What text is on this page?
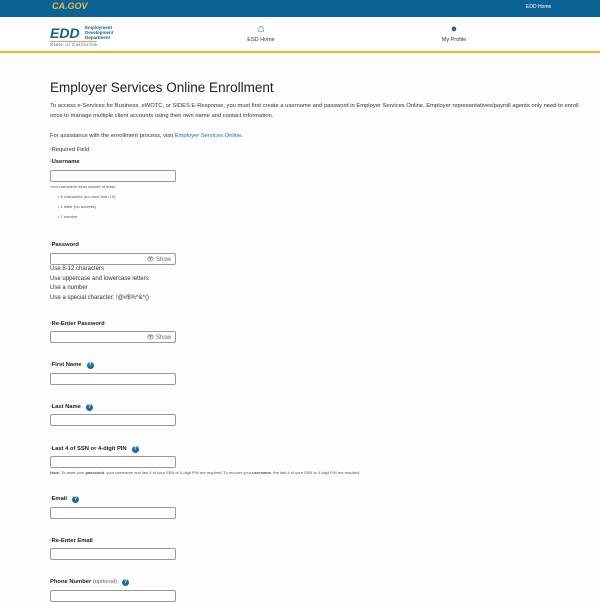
CA.GOV	EDD Home
EDD Employment
Development
Department
State of California
⌂
ESD Home
●
My Profile
Employer Services Online Enrollment
To access e-Services for Business, eWOTC, or SIDES E-Response, you must first create a username and password in Employer Services Online. Employer representatives/payroll agents only need to enroll once to manage multiple client accounts using their own name and contact information.
For assistance with the enrollment process, visit Employer Services Online.
*Required Field
*Username
Your username must include at least:
• 8 characters (no more than 15)
• 1 letter (no accents)
• 1 number
*Password
👁 Show
Use 8-12 characters
Use uppercase and lowercase letters
Use a number
Use a special character: !@#$%^&*()
*Re-Enter Password
👁 Show
*First Name ?
*Last Name ?
*Last 4 of SSN or 4-digit PIN ?
Note: To reset your password, your username and last 4 of your SSN or 4-digit PIN are required. To recover your username, the last 4 of your SSN or 4-digit PIN are required.
*Email ?
*Re-Enter Email
Phone Number (optional) ?
